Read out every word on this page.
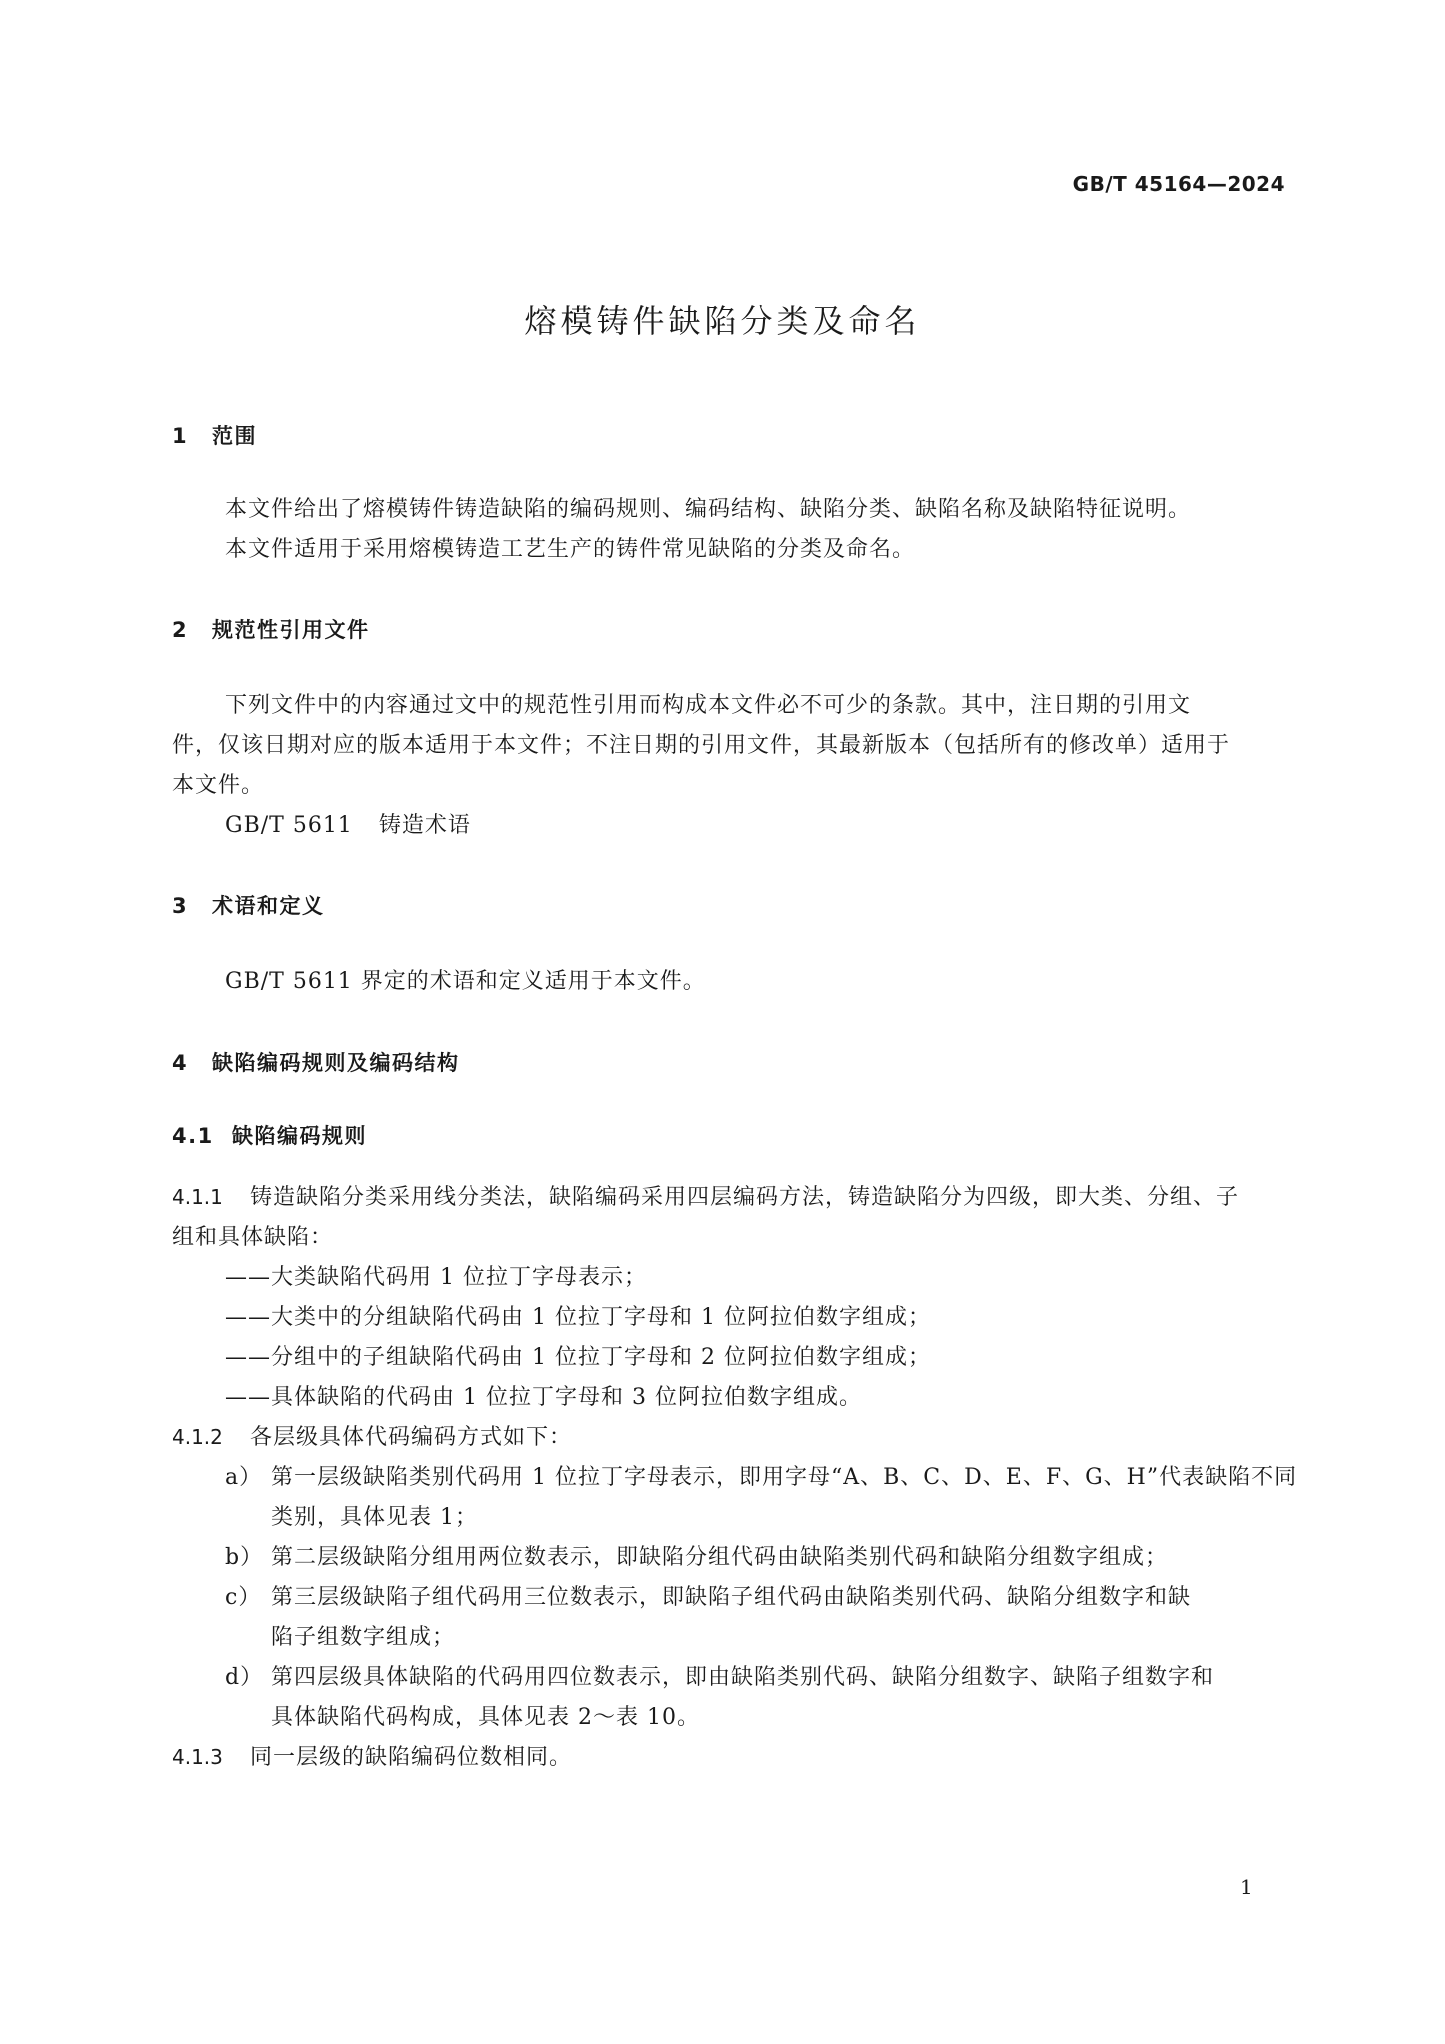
GB/T 45164—2024
熔模铸件缺陷分类及命名
1 范围
本文件给出了熔模铸件铸造缺陷的编码规则、编码结构、缺陷分类、缺陷名称及缺陷特征说明。
本文件适用于采用熔模铸造工艺生产的铸件常见缺陷的分类及命名。
2 规范性引用文件
下列文件中的内容通过文中的规范性引用而构成本文件必不可少的条款。其中，注日期的引用文
件，仅该日期对应的版本适用于本文件；不注日期的引用文件，其最新版本（包括所有的修改单）适用于
本文件。
GB/T 5611 铸造术语
3 术语和定义
GB/T 5611 界定的术语和定义适用于本文件。
4 缺陷编码规则及编码结构
4.1 缺陷编码规则
4.1.1 铸造缺陷分类采用线分类法，缺陷编码采用四层编码方法，铸造缺陷分为四级，即大类、分组、子
组和具体缺陷：
——大类缺陷代码用 1 位拉丁字母表示；
——大类中的分组缺陷代码由 1 位拉丁字母和 1 位阿拉伯数字组成；
——分组中的子组缺陷代码由 1 位拉丁字母和 2 位阿拉伯数字组成；
——具体缺陷的代码由 1 位拉丁字母和 3 位阿拉伯数字组成。
4.1.2 各层级具体代码编码方式如下：
a） 第一层级缺陷类别代码用 1 位拉丁字母表示，即用字母“A、B、C、D、E、F、G、H”代表缺陷不同
类别，具体见表 1；
b） 第二层级缺陷分组用两位数表示，即缺陷分组代码由缺陷类别代码和缺陷分组数字组成；
c） 第三层级缺陷子组代码用三位数表示，即缺陷子组代码由缺陷类别代码、缺陷分组数字和缺
陷子组数字组成；
d） 第四层级具体缺陷的代码用四位数表示，即由缺陷类别代码、缺陷分组数字、缺陷子组数字和
具体缺陷代码构成，具体见表 2～表 10。
4.1.3 同一层级的缺陷编码位数相同。
1
